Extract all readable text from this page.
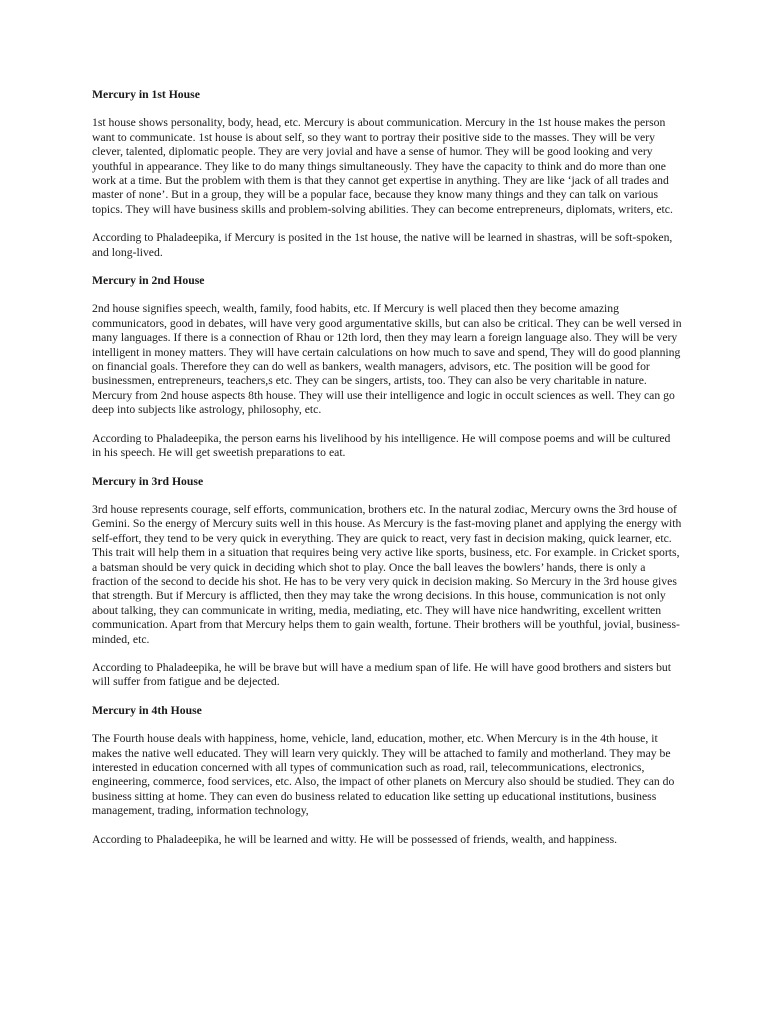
Mercury in 1st House
1st house shows personality, body, head, etc. Mercury is about communication. Mercury in the 1st house makes the person want to communicate. 1st house is about self, so they want to portray their positive side to the masses. They will be very clever, talented, diplomatic people. They are very jovial and have a sense of humor. They will be good looking and very youthful in appearance. They like to do many things simultaneously. They have the capacity to think and do more than one work at a time. But the problem with them is that they cannot get expertise in anything. They are like ‘jack of all trades and master of none’. But in a group, they will be a popular face, because they know many things and they can talk on various topics. They will have business skills and problem-solving abilities. They can become entrepreneurs, diplomats, writers, etc.
According to Phaladeepika, if Mercury is posited in the 1st house, the native will be learned in shastras, will be soft-spoken, and long-lived.
Mercury in 2nd House
2nd house signifies speech, wealth, family, food habits, etc. If Mercury is well placed then they become amazing communicators, good in debates, will have very good argumentative skills, but can also be critical. They can be well versed in many languages. If there is a connection of Rhau or 12th lord, then they may learn a foreign language also. They will be very intelligent in money matters. They will have certain calculations on how much to save and spend, They will do good planning on financial goals. Therefore they can do well as bankers, wealth managers, advisors, etc. The position will be good for businessmen, entrepreneurs, teachers,s etc. They can be singers, artists, too. They can also be very charitable in nature. Mercury from 2nd house aspects 8th house. They will use their intelligence and logic in occult sciences as well. They can go deep into subjects like astrology, philosophy, etc.
According to Phaladeepika, the person earns his livelihood by his intelligence. He will compose poems and will be cultured in his speech. He will get sweetish preparations to eat.
Mercury in 3rd House
3rd house represents courage, self efforts, communication, brothers etc. In the natural zodiac, Mercury owns the 3rd house of Gemini. So the energy of Mercury suits well in this house. As Mercury is the fast-moving planet and applying the energy with self-effort, they tend to be very quick in everything. They are quick to react, very fast in decision making, quick learner, etc. This trait will help them in a situation that requires being very active like sports, business, etc. For example. in Cricket sports, a batsman should be very quick in deciding which shot to play. Once the ball leaves the bowlers’ hands, there is only a fraction of the second to decide his shot. He has to be very very quick in decision making. So Mercury in the 3rd house gives that strength. But if Mercury is afflicted, then they may take the wrong decisions. In this house, communication is not only about talking, they can communicate in writing, media, mediating, etc. They will have nice handwriting, excellent written communication. Apart from that Mercury helps them to gain wealth, fortune. Their brothers will be youthful, jovial, business-minded, etc.
According to Phaladeepika, he will be brave but will have a medium span of life. He will have good brothers and sisters but will suffer from fatigue and be dejected.
Mercury in 4th House
The Fourth house deals with happiness, home, vehicle, land, education, mother, etc. When Mercury is in the 4th house, it makes the native well educated. They will learn very quickly. They will be attached to family and motherland. They may be interested in education concerned with all types of communication such as road, rail, telecommunications, electronics, engineering, commerce, food services, etc. Also, the impact of other planets on Mercury also should be studied. They can do business sitting at home. They can even do business related to education like setting up educational institutions, business management, trading, information technology,
According to Phaladeepika, he will be learned and witty. He will be possessed of friends, wealth, and happiness.
